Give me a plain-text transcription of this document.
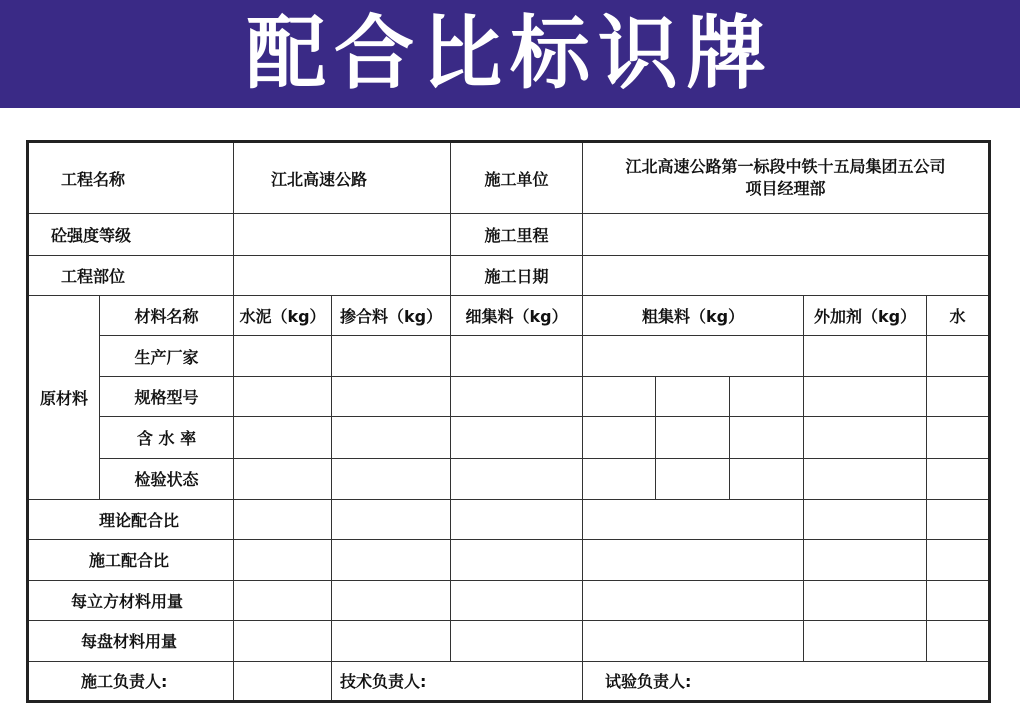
配合比标识牌
工程名称		江北高速公路		施工单位	江北高速公路第一标段中铁十五局集团五公司
项目经理部				

砼强度等级				施工里程					
工程部位				施工日期					
原材料	材料名称	水泥（kg）	掺合料（kg）	细集料（kg）	粗集料（kg）			外加剂（kg）	水
	生产厂家								
	规格型号								
	含 水 率								
	检验状态								
理论配合比									
施工配合比									
每立方材料用量									
每盘材料用量									
施工负责人:			技术负责人:		试验负责人:				
